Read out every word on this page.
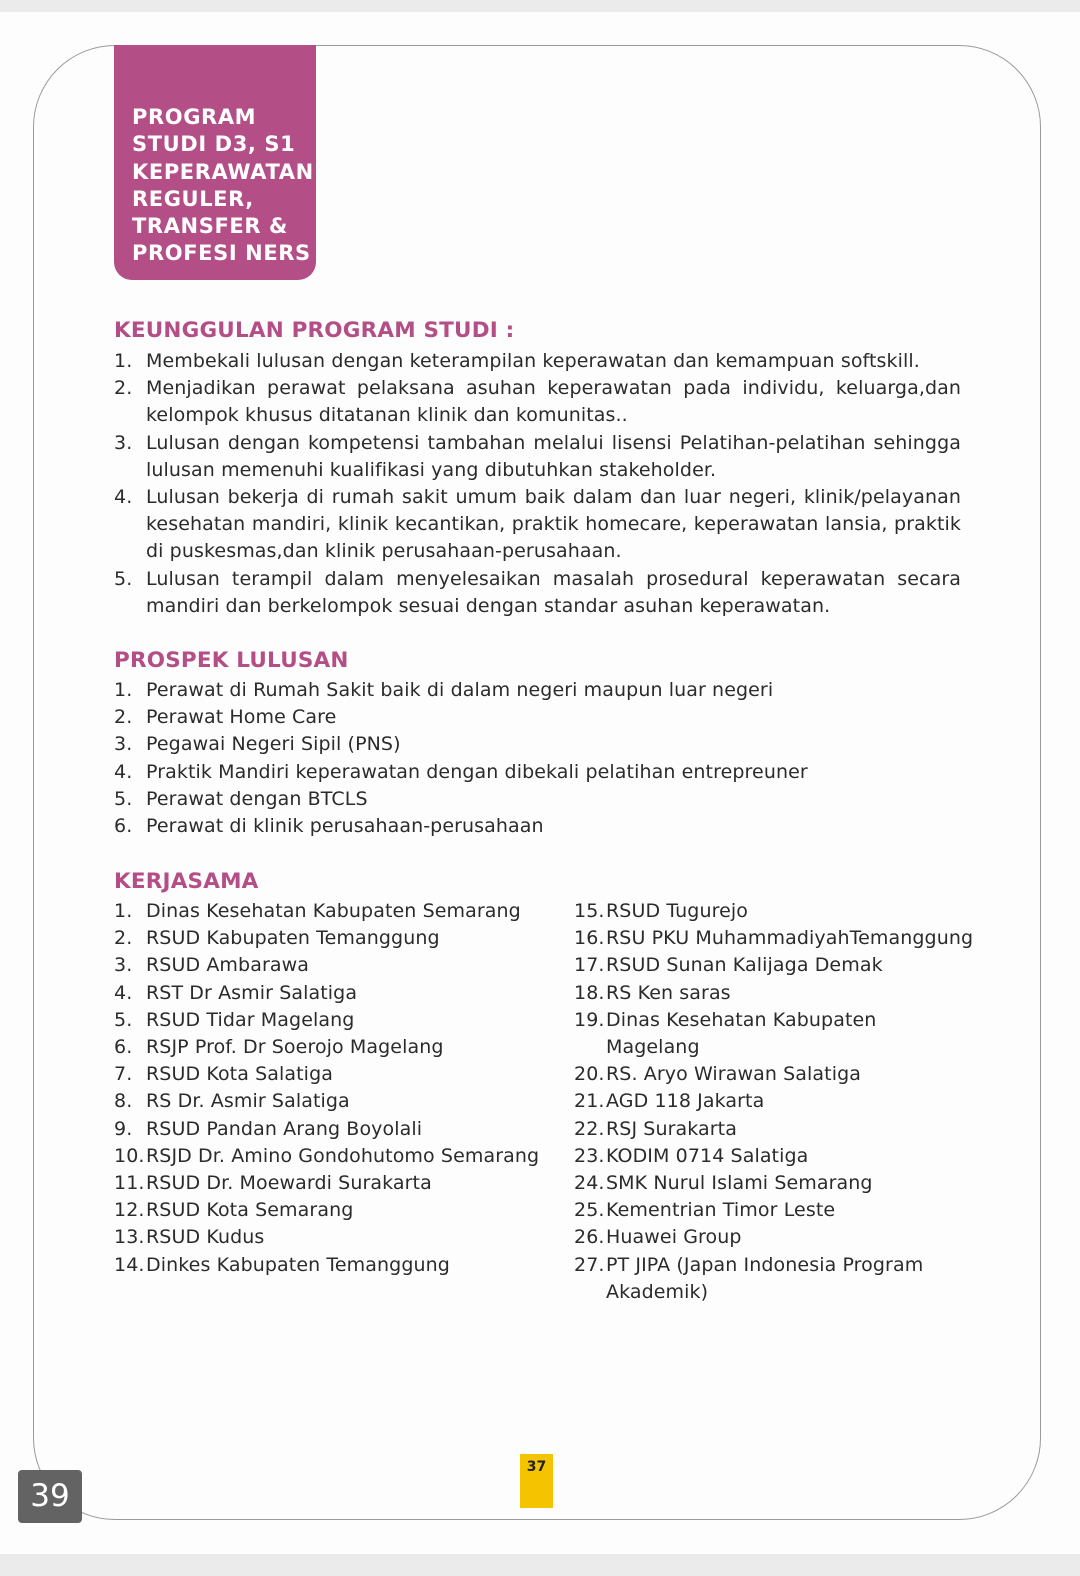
PROGRAM
STUDI D3, S1
KEPERAWATAN
REGULER,
TRANSFER &
PROFESI NERS
KEUNGGULAN PROGRAM STUDI :
1. Membekali lulusan dengan keterampilan keperawatan dan kemampuan softskill.
2. Menjadikan perawat pelaksana asuhan keperawatan pada individu, keluarga,dan kelompok khusus ditatanan klinik dan komunitas..
3. Lulusan dengan kompetensi tambahan melalui lisensi Pelatihan-pelatihan sehingga lulusan memenuhi kualifikasi yang dibutuhkan stakeholder.
4. Lulusan bekerja di rumah sakit umum baik dalam dan luar negeri, klinik/pelayanan kesehatan mandiri, klinik kecantikan, praktik homecare, keperawatan lansia, praktik di puskesmas,dan klinik perusahaan-perusahaan.
5. Lulusan terampil dalam menyelesaikan masalah prosedural keperawatan secara mandiri dan berkelompok sesuai dengan standar asuhan keperawatan.
PROSPEK LULUSAN
1. Perawat di Rumah Sakit baik di dalam negeri maupun luar negeri
2. Perawat Home Care
3. Pegawai Negeri Sipil (PNS)
4. Praktik Mandiri keperawatan dengan dibekali pelatihan entrepreuner
5. Perawat dengan BTCLS
6. Perawat di klinik perusahaan-perusahaan
KERJASAMA
1. Dinas Kesehatan Kabupaten Semarang
2. RSUD Kabupaten Temanggung
3. RSUD Ambarawa
4. RST Dr Asmir Salatiga
5. RSUD Tidar Magelang
6. RSJP Prof. Dr Soerojo Magelang
7. RSUD Kota Salatiga
8. RS Dr. Asmir Salatiga
9. RSUD Pandan Arang Boyolali
10. RSJD Dr. Amino Gondohutomo Semarang
11. RSUD Dr. Moewardi Surakarta
12. RSUD Kota Semarang
13. RSUD Kudus
14. Dinkes Kabupaten Temanggung
15. RSUD Tugurejo
16. RSU PKU MuhammadiyahTemanggung
17. RSUD Sunan Kalijaga Demak
18. RS Ken saras
19. Dinas Kesehatan Kabupaten Magelang
20. RS. Aryo Wirawan Salatiga
21. AGD 118 Jakarta
22. RSJ Surakarta
23. KODIM 0714 Salatiga
24. SMK Nurul Islami Semarang
25. Kementrian Timor Leste
26. Huawei Group
27. PT JIPA (Japan Indonesia Program Akademik)
37
39
